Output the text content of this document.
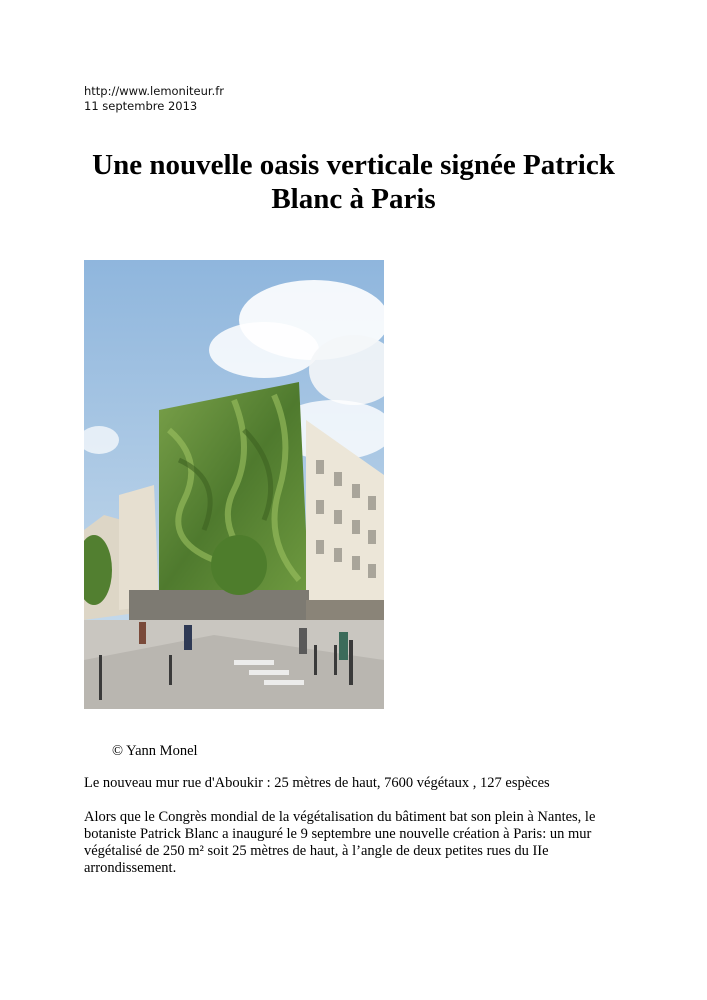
http://www.lemoniteur.fr
11 septembre 2013
Une nouvelle oasis verticale signée Patrick
Blanc à Paris

© Yann Monel

Le nouveau mur rue d'Aboukir : 25 mètres de haut, 7600 végétaux , 127 espèces

Alors que le Congrès mondial de la végétalisation du bâtiment bat son plein à Nantes, le botaniste Patrick Blanc a inauguré le 9 septembre une nouvelle création à Paris: un mur végétalisé de 250 m² soit 25 mètres de haut, à l’angle de deux petites rues du IIe arrondissement.
